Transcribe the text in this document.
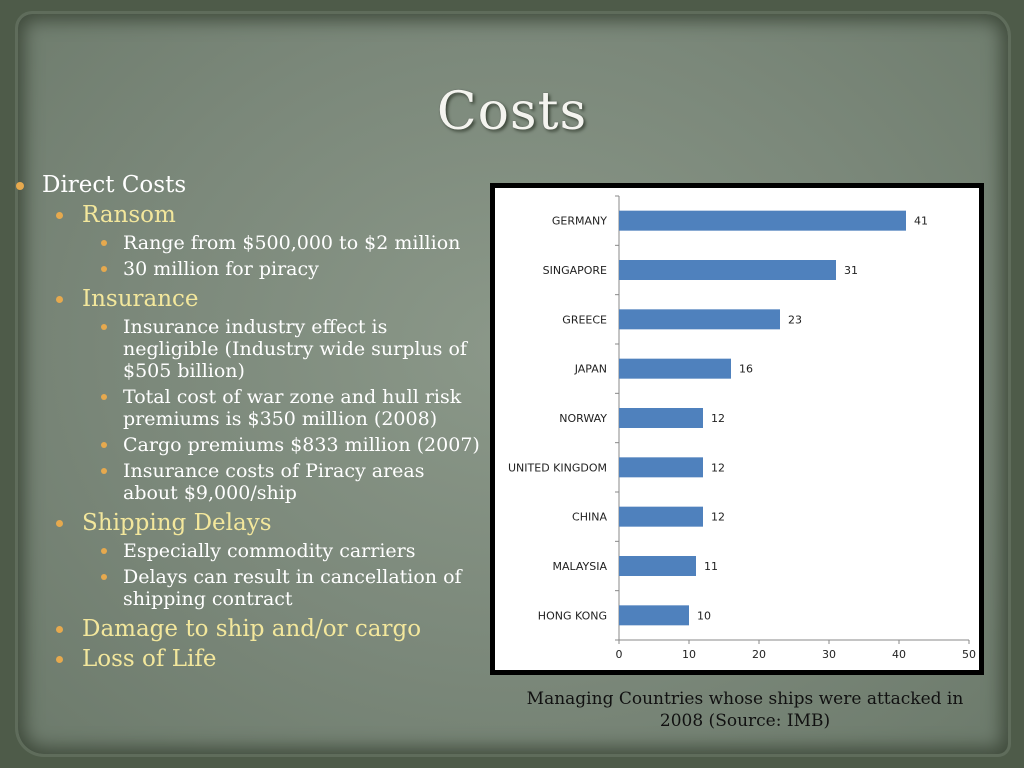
Costs
Direct Costs
Ransom
Range from $500,000 to $2 million
30 million for piracy
Insurance
Insurance industry effect is negligible (Industry wide surplus of $505 billion)
Total cost of war zone and hull risk premiums is $350 million (2008)
Cargo premiums $833 million (2007)
Insurance costs of Piracy areas about $9,000/ship
Shipping Delays
Especially commodity carriers
Delays can result in cancellation of shipping contract
Damage to ship and/or cargo
Loss of Life	0	10	20	30	40	50
GERMANY	41
SINGAPORE	31
GREECE	23
JAPAN	16
NORWAY	12
UNITED KINGDOM	12
CHINA	12
MALAYSIA	11
HONG KONG	10
Managing Countries whose ships were attacked in 2008 (Source: IMB)
